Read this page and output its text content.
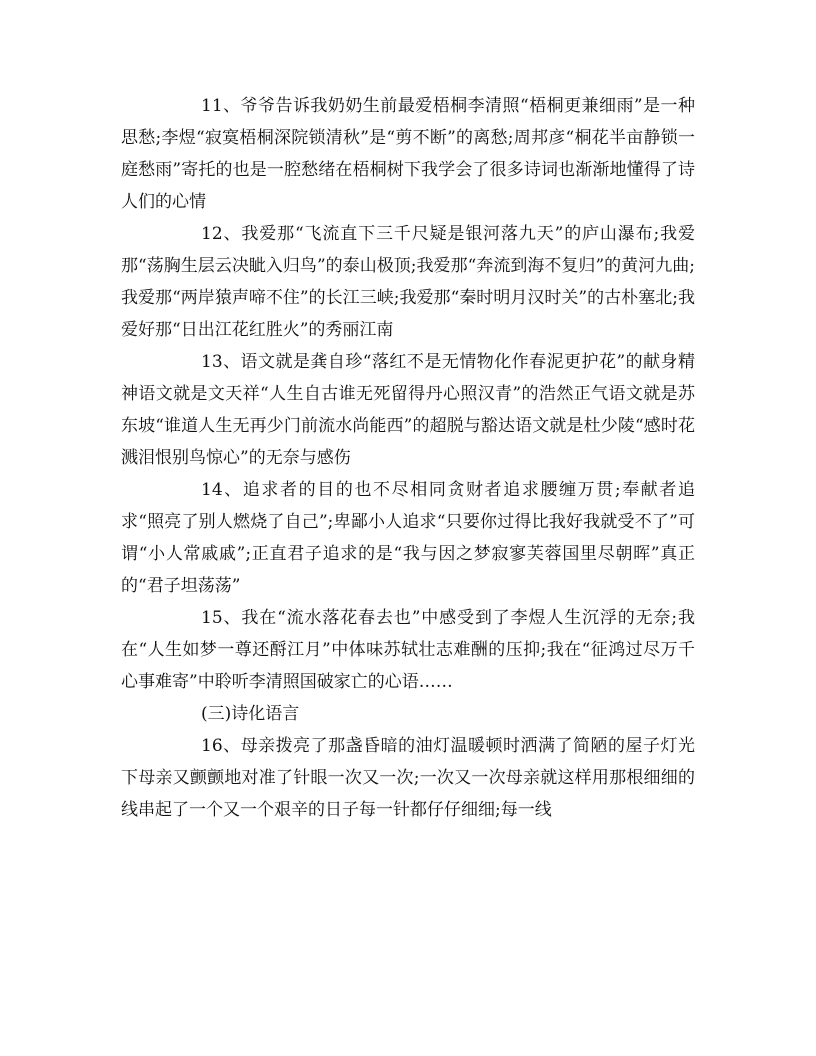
11、爷爷告诉我奶奶生前最爱梧桐李清照“梧桐更兼细雨”是一种思愁;李煜“寂寞梧桐深院锁清秋”是“剪不断”的离愁;周邦彦“桐花半亩静锁一庭愁雨”寄托的也是一腔愁绪在梧桐树下我学会了很多诗词也渐渐地懂得了诗人们的心情

12、我爱那“飞流直下三千尺疑是银河落九天”的庐山瀑布;我爱那“荡胸生层云决眦入归鸟”的泰山极顶;我爱那“奔流到海不复归”的黄河九曲;我爱那“两岸猿声啼不住”的长江三峡;我爱那“秦时明月汉时关”的古朴塞北;我爱好那“日出江花红胜火”的秀丽江南

13、语文就是龚自珍“落红不是无情物化作春泥更护花”的献身精神语文就是文天祥“人生自古谁无死留得丹心照汉青”的浩然正气语文就是苏东坡“谁道人生无再少门前流水尚能西”的超脱与豁达语文就是杜少陵“感时花溅泪恨别鸟惊心”的无奈与感伤

14、追求者的目的也不尽相同贪财者追求腰缠万贯;奉献者追求“照亮了别人燃烧了自己”;卑鄙小人追求“只要你过得比我好我就受不了”可谓“小人常戚戚”;正直君子追求的是“我与因之梦寂寥芙蓉国里尽朝晖”真正的“君子坦荡荡”

15、我在“流水落花春去也”中感受到了李煜人生沉浮的无奈;我在“人生如梦一尊还酹江月”中体味苏轼壮志难酬的压抑;我在“征鸿过尽万千心事难寄”中聆听李清照国破家亡的心语……

(三)诗化语言

16、母亲拨亮了那盏昏暗的油灯温暖顿时洒满了简陋的屋子灯光下母亲又颤颤地对准了针眼一次又一次;一次又一次母亲就这样用那根细细的线串起了一个又一个艰辛的日子每一针都仔仔细细;每一线
